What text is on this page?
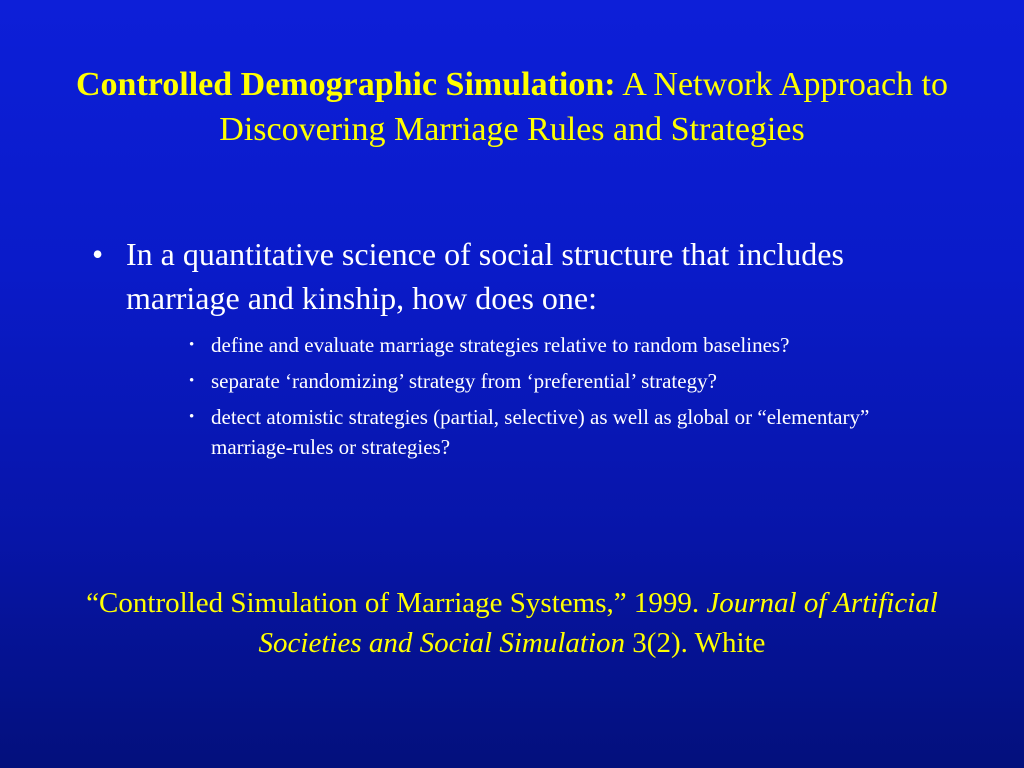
Controlled Demographic Simulation: A Network Approach to Discovering Marriage Rules and Strategies
• In a quantitative science of social structure that includes marriage and kinship, how does one:
• define and evaluate marriage strategies relative to random baselines?
• separate ‘randomizing’ strategy from ‘preferential’ strategy?
• detect atomistic strategies (partial, selective) as well as global or “elementary” marriage-rules or strategies?
“Controlled Simulation of Marriage Systems,” 1999. Journal of Artificial Societies and Social Simulation 3(2). White
